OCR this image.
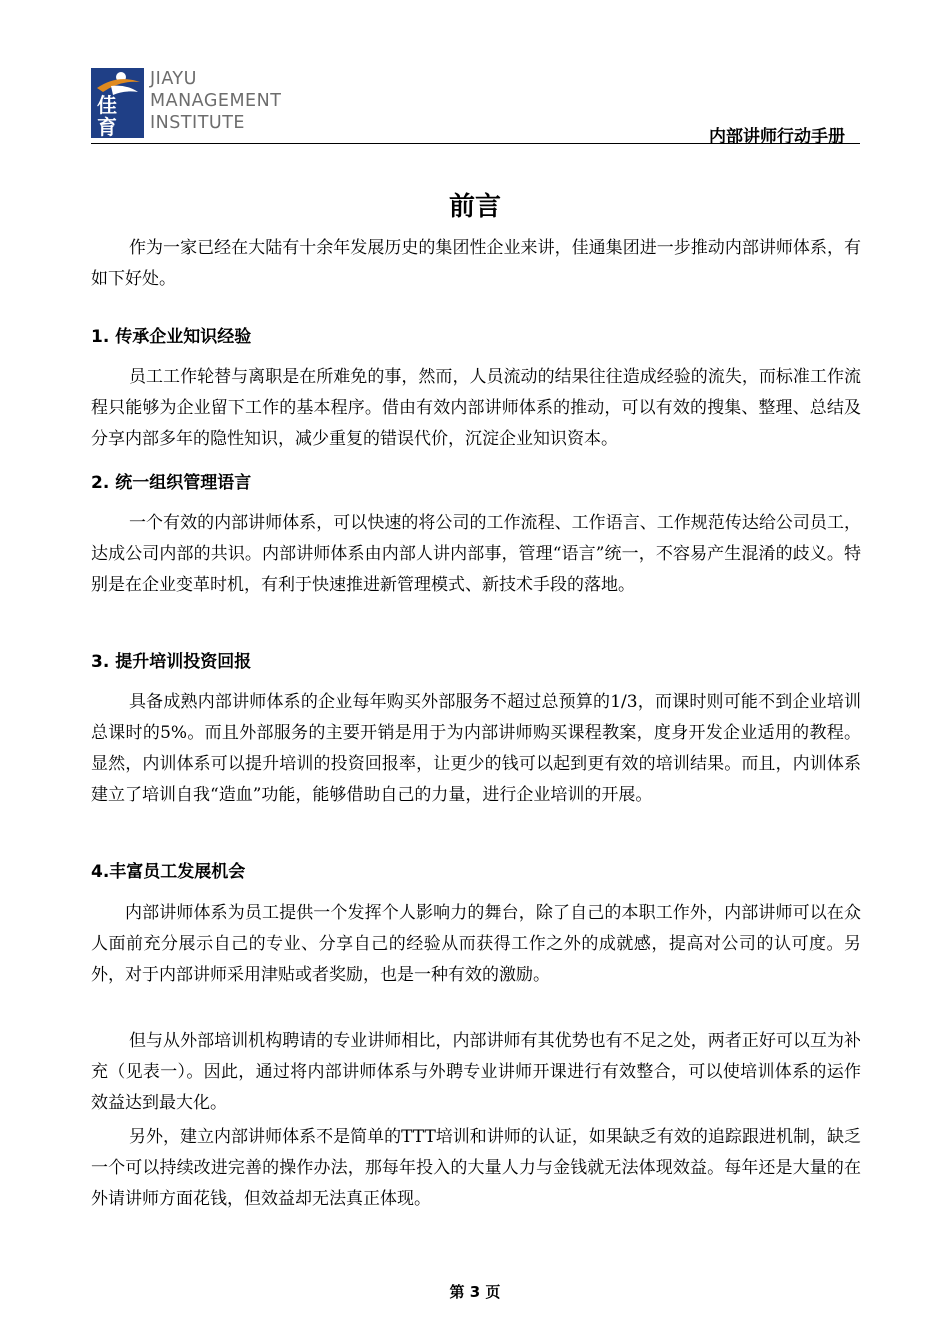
佳
育
JIAYU
MANAGEMENT
INSTITUTE
内部讲师行动手册
前言

作为一家已经在大陆有十余年发展历史的集团性企业来讲，佳通集团进一步推动内部讲师体系，有如下好处。

1. 传承企业知识经验

员工工作轮替与离职是在所难免的事，然而，人员流动的结果往往造成经验的流失，而标准工作流程只能够为企业留下工作的基本程序。借由有效内部讲师体系的推动，可以有效的搜集、整理、总结及分享内部多年的隐性知识，减少重复的错误代价，沉淀企业知识资本。

2. 统一组织管理语言

一个有效的内部讲师体系，可以快速的将公司的工作流程、工作语言、工作规范传达给公司员工，达成公司内部的共识。内部讲师体系由内部人讲内部事，管理“语言”统一，不容易产生混淆的歧义。特别是在企业变革时机，有利于快速推进新管理模式、新技术手段的落地。

3. 提升培训投资回报

具备成熟内部讲师体系的企业每年购买外部服务不超过总预算的1/3，而课时则可能不到企业培训总课时的5%。而且外部服务的主要开销是用于为内部讲师购买课程教案，度身开发企业适用的教程。显然，内训体系可以提升培训的投资回报率，让更少的钱可以起到更有效的培训结果。而且，内训体系建立了培训自我“造血”功能，能够借助自己的力量，进行企业培训的开展。

4.丰富员工发展机会

内部讲师体系为员工提供一个发挥个人影响力的舞台，除了自己的本职工作外，内部讲师可以在众人面前充分展示自己的专业、分享自己的经验从而获得工作之外的成就感，提高对公司的认可度。另外，对于内部讲师采用津贴或者奖励，也是一种有效的激励。

但与从外部培训机构聘请的专业讲师相比，内部讲师有其优势也有不足之处，两者正好可以互为补充（见表一）。因此，通过将内部讲师体系与外聘专业讲师开课进行有效整合，可以使培训体系的运作效益达到最大化。

另外，建立内部讲师体系不是简单的TTT培训和讲师的认证，如果缺乏有效的追踪跟进机制，缺乏一个可以持续改进完善的操作办法，那每年投入的大量人力与金钱就无法体现效益。每年还是大量的在外请讲师方面花钱，但效益却无法真正体现。

第 3 页
